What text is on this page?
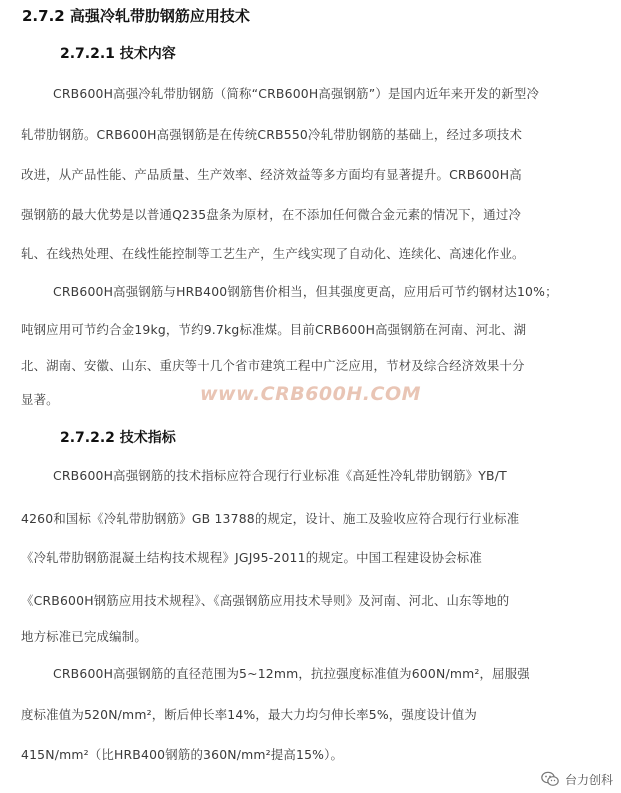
2.7.2 高强冷轧带肋钢筋应用技术
2.7.2.1 技术内容
CRB600H高强冷轧带肋钢筋（简称“CRB600H高强钢筋”）是国内近年来开发的新型冷
轧带肋钢筋。CRB600H高强钢筋是在传统CRB550冷轧带肋钢筋的基础上，经过多项技术
改进，从产品性能、产品质量、生产效率、经济效益等多方面均有显著提升。CRB600H高
强钢筋的最大优势是以普通Q235盘条为原材，在不添加任何微合金元素的情况下，通过冷
轧、在线热处理、在线性能控制等工艺生产，生产线实现了自动化、连续化、高速化作业。
CRB600H高强钢筋与HRB400钢筋售价相当，但其强度更高，应用后可节约钢材达10%；
吨钢应用可节约合金19kg，节约9.7kg标准煤。目前CRB600H高强钢筋在河南、河北、湖
北、湖南、安徽、山东、重庆等十几个省市建筑工程中广泛应用，节材及综合经济效果十分
显著。	www.CRB600H.COM
2.7.2.2 技术指标
CRB600H高强钢筋的技术指标应符合现行行业标准《高延性冷轧带肋钢筋》YB/T
4260和国标《冷轧带肋钢筋》GB 13788的规定，设计、施工及验收应符合现行行业标准
《冷轧带肋钢筋混凝土结构技术规程》JGJ95-2011的规定。中国工程建设协会标准
《CRB600H钢筋应用技术规程》、《高强钢筋应用技术导则》及河南、河北、山东等地的
地方标准已完成编制。
CRB600H高强钢筋的直径范围为5~12mm，抗拉强度标准值为600N/mm²，屈服强
度标准值为520N/mm²，断后伸长率14%，最大力均匀伸长率5%，强度设计值为
415N/mm²（比HRB400钢筋的360N/mm²提高15%）。
台力创科
